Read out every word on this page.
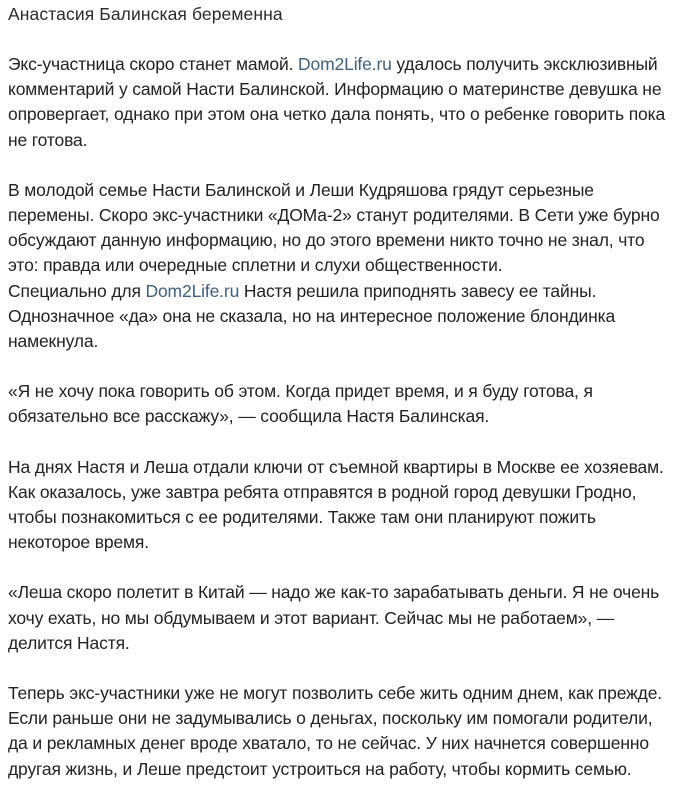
Анастасия Балинская беременна

Экс-участница скоро станет мамой. Dom2Life.ru удалось получить эксклюзивный
комментарий у самой Насти Балинской. Информацию о материнстве девушка не
опровергает, однако при этом она четко дала понять, что о ребенке говорить пока
не готова.

В молодой семье Насти Балинской и Леши Кудряшова грядут серьезные
перемены. Скоро экс-участники «ДОМа-2» станут родителями. В Сети уже бурно
обсуждают данную информацию, но до этого времени никто точно не знал, что
это: правда или очередные сплетни и слухи общественности.

Специально для Dom2Life.ru Настя решила приподнять завесу ее тайны.
Однозначное «да» она не сказала, но на интересное положение блондинка
намекнула.

«Я не хочу пока говорить об этом. Когда придет время, и я буду готова, я
обязательно все расскажу», — сообщила Настя Балинская.

На днях Настя и Леша отдали ключи от съемной квартиры в Москве ее хозяевам.
Как оказалось, уже завтра ребята отправятся в родной город девушки Гродно,
чтобы познакомиться с ее родителями. Также там они планируют пожить
некоторое время.

«Леша скоро полетит в Китай — надо же как-то зарабатывать деньги. Я не очень
хочу ехать, но мы обдумываем и этот вариант. Сейчас мы не работаем», —
делится Настя.

Теперь экс-участники уже не могут позволить себе жить одним днем, как прежде.
Если раньше они не задумывались о деньгах, поскольку им помогали родители,
да и рекламных денег вроде хватало, то не сейчас. У них начнется совершенно
другая жизнь, и Леше предстоит устроиться на работу, чтобы кормить семью.
